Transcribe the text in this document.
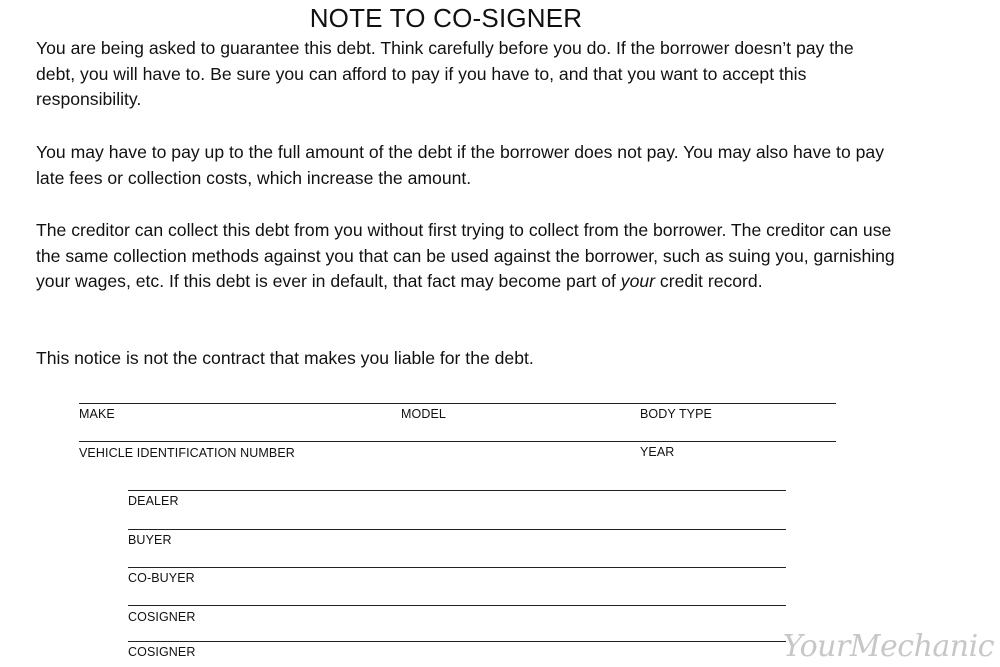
NOTE TO CO-SIGNER

You are being asked to guarantee this debt. Think carefully before you do. If the borrower doesn’t pay the debt, you will have to. Be sure you can afford to pay if you have to, and that you want to accept this responsibility.

You may have to pay up to the full amount of the debt if the borrower does not pay. You may also have to pay late fees or collection costs, which increase the amount.

The creditor can collect this debt from you without first trying to collect from the borrower. The creditor can use the same collection methods against you that can be used against the borrower, such as suing you, garnishing your wages, etc. If this debt is ever in default, that fact may become part of your credit record.

This notice is not the contract that makes you liable for the debt.

MAKE	MODEL	BODY TYPE
VEHICLE IDENTIFICATION NUMBER	YEAR
DEALER
BUYER
CO-BUYER
COSIGNER
COSIGNER	YourMechanic
